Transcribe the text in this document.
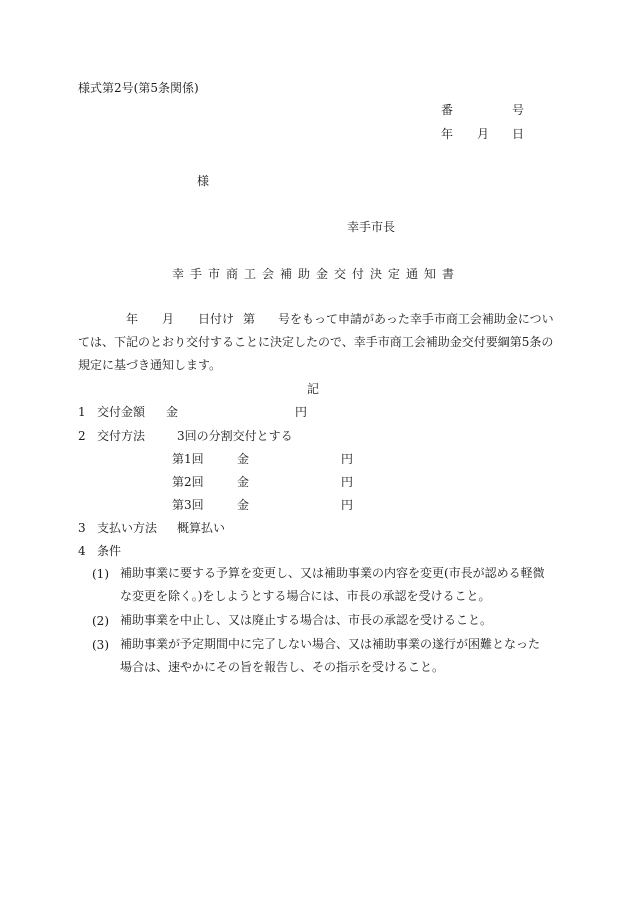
様式第2号(第5条関係)
番	号
年 月 日
様
幸手市長
幸手市商工会補助金交付決定通知書
年 月 日付け 第 号をもって申請があった幸手市商工会補助金につい
ては、下記のとおり交付することに決定したので、幸手市商工会補助金交付要綱第5条の
規定に基づき通知します。
記
1 交付金額 金	円
2 交付方法	3回の分割交付とする
第1回	金	円
第2回	金	円
第3回	金	円
3 支払い方法 概算払い
4 条件
(1) 補助事業に要する予算を変更し、又は補助事業の内容を変更(市長が認める軽微な変更を除く。)をしようとする場合には、市長の承認を受けること。
(2) 補助事業を中止し、又は廃止する場合は、市長の承認を受けること。
(3) 補助事業が予定期間中に完了しない場合、又は補助事業の遂行が困難となった場合は、速やかにその旨を報告し、その指示を受けること。
